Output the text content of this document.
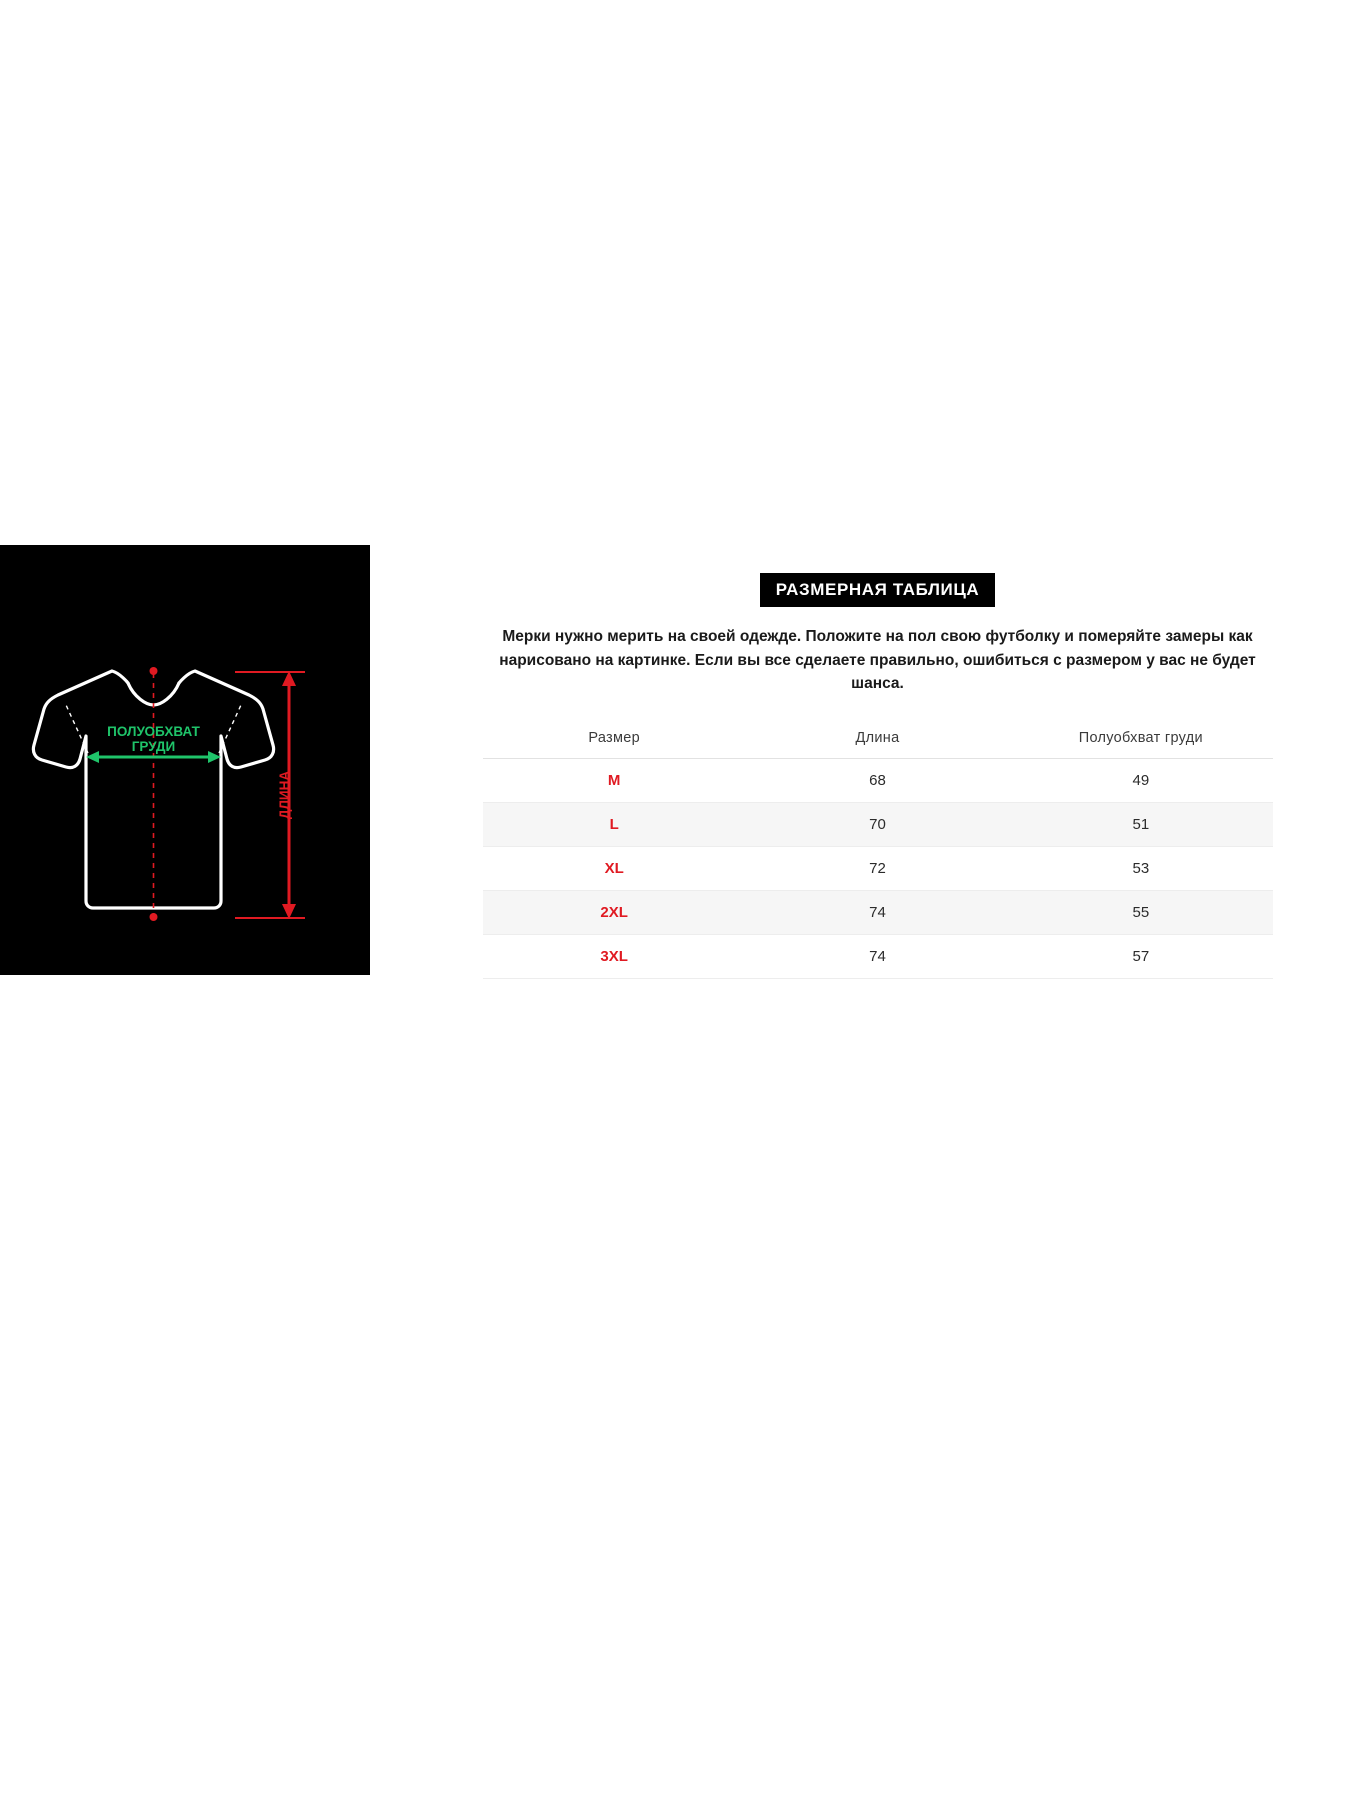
ПОЛУОБХВАТ
ГРУДИ
ДЛИНА
РАЗМЕРНАЯ ТАБЛИЦА

Мерки нужно мерить на своей одежде. Положите на пол свою футболку и померяйте замеры как нарисовано на картинке. Если вы все сделаете правильно, ошибиться с размером у вас не будет шанса.

Размер	Длина	Полуобхват груди
M	68	49
L	70	51
XL	72	53
2XL	74	55
3XL	74	57
